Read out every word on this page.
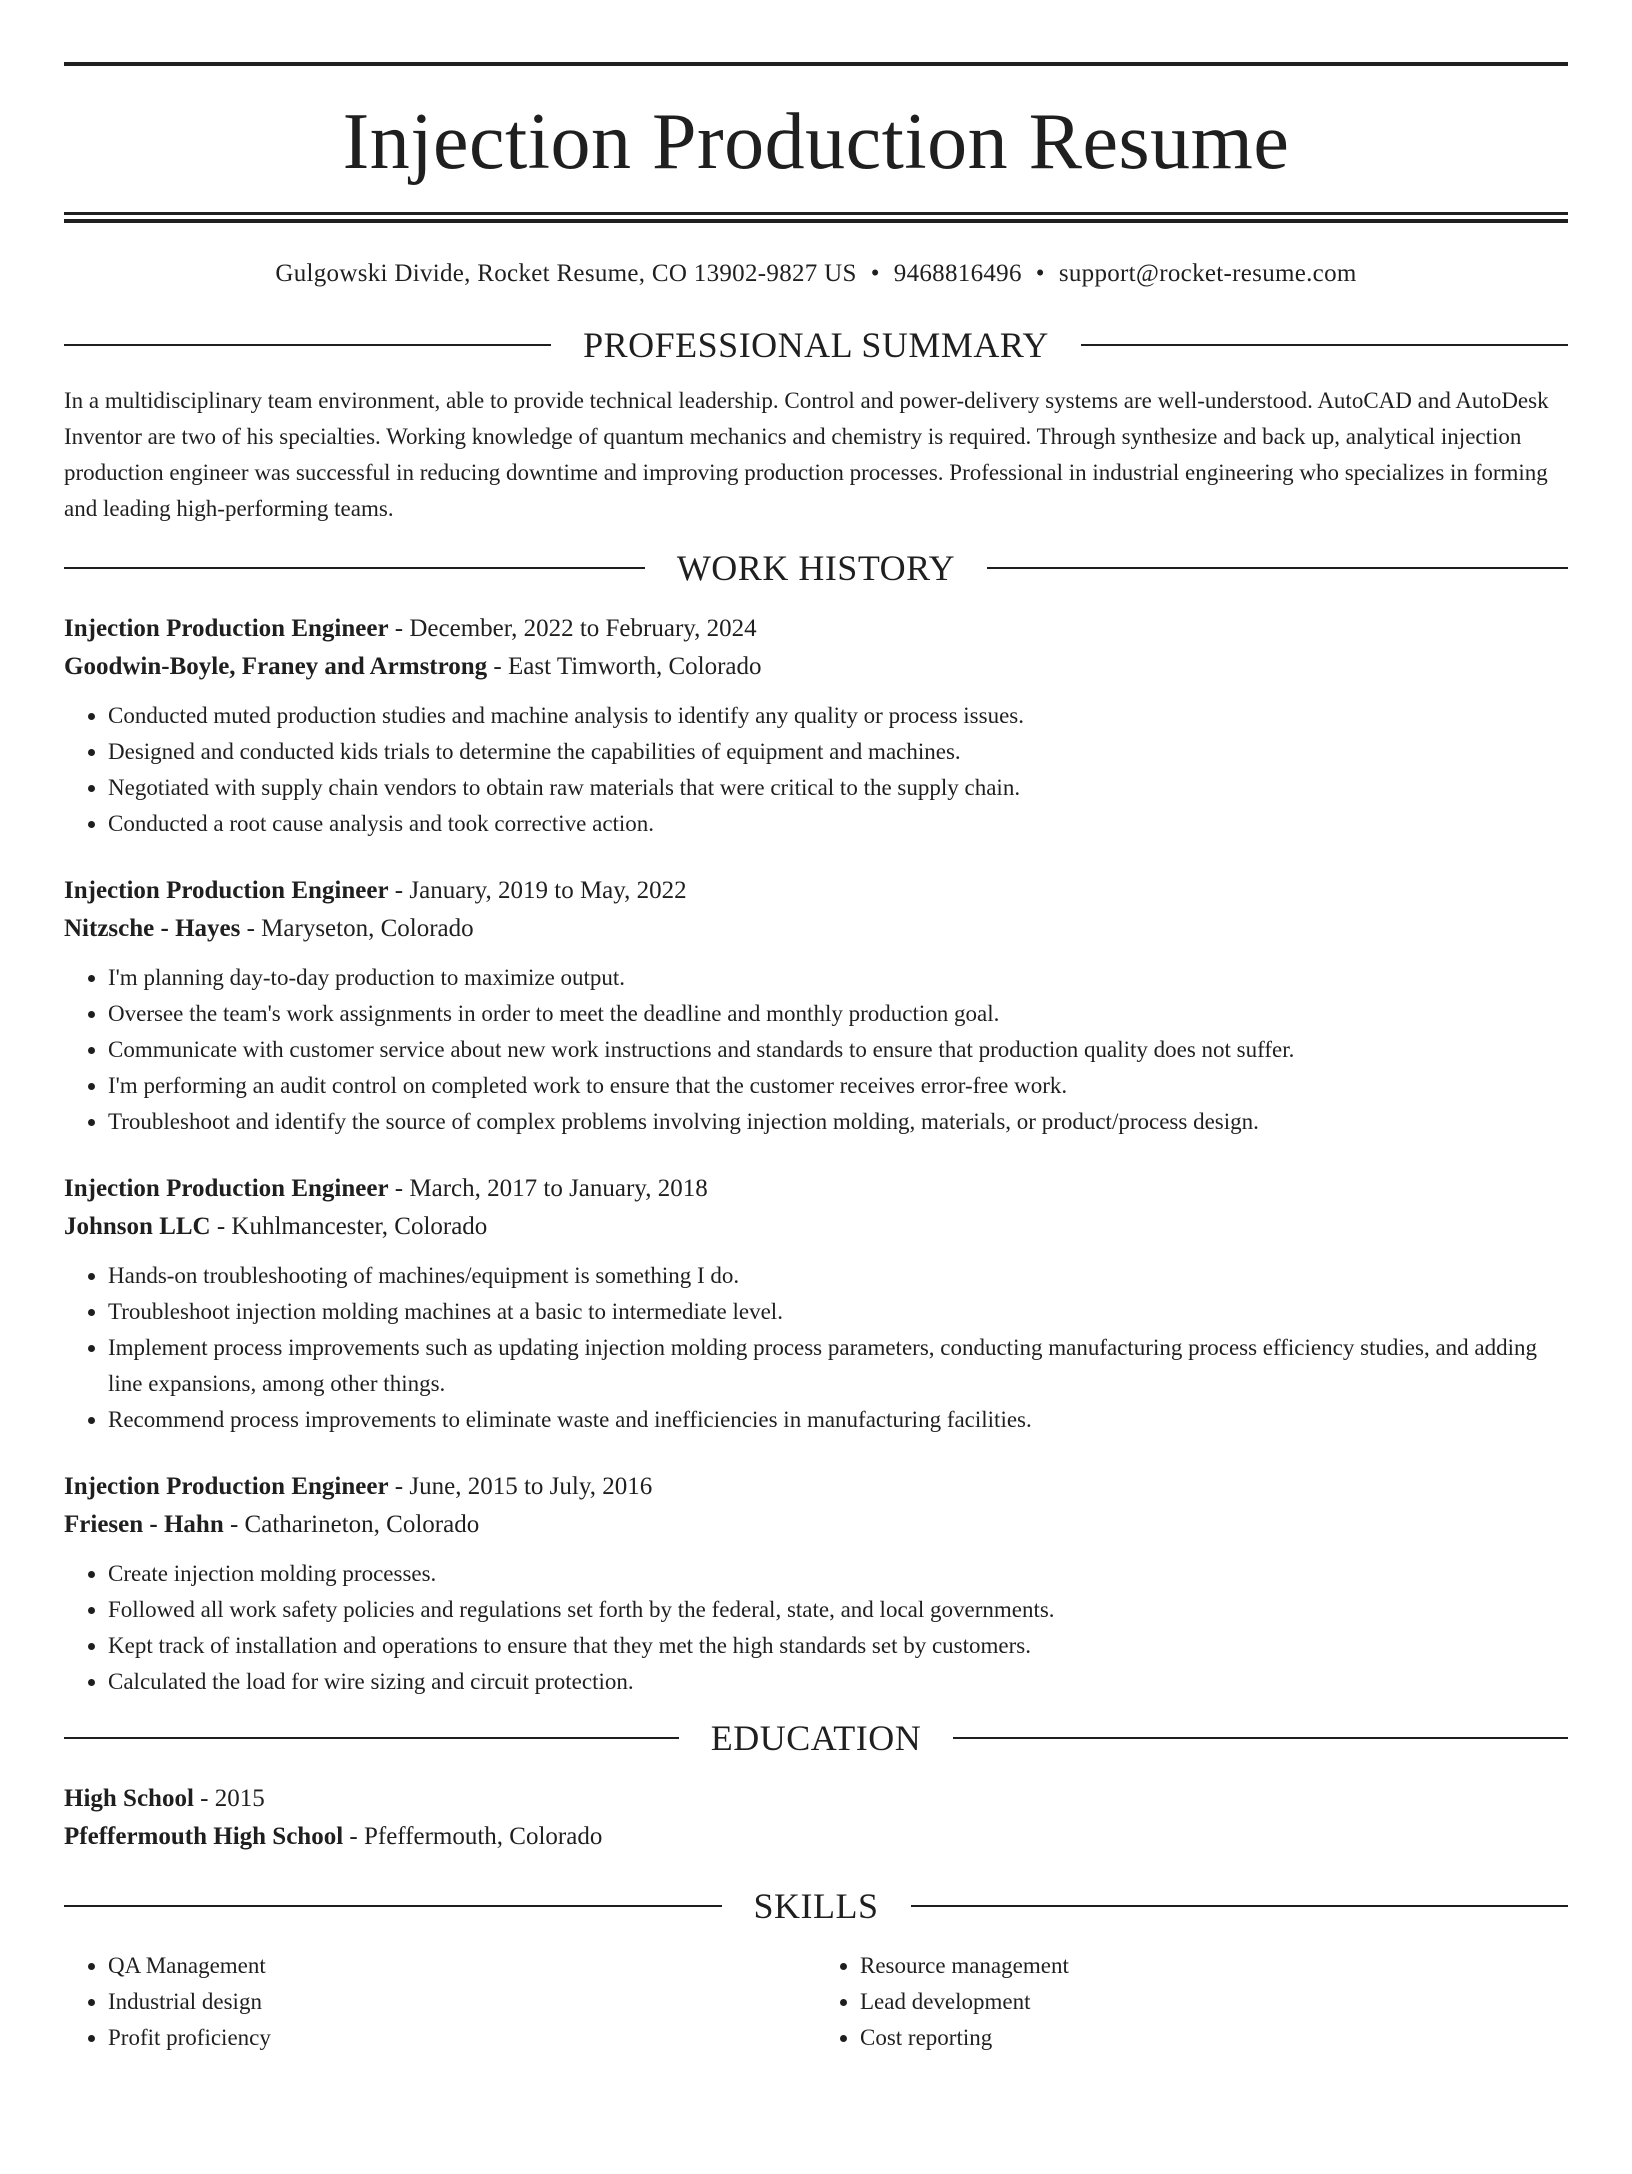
Injection Production Resume
Gulgowski Divide, Rocket Resume, CO 13902-9827 US • 9468816496 • support@rocket-resume.com
PROFESSIONAL SUMMARY

In a multidisciplinary team environment, able to provide technical leadership. Control and power-delivery systems are well-understood. AutoCAD and AutoDesk Inventor are two of his specialties. Working knowledge of quantum mechanics and chemistry is required. Through synthesize and back up, analytical injection production engineer was successful in reducing downtime and improving production processes. Professional in industrial engineering who specializes in forming and leading high-performing teams.

WORK HISTORY
Injection Production Engineer - December, 2022 to February, 2024
Goodwin-Boyle, Franey and Armstrong - East Timworth, Colorado
• Conducted muted production studies and machine analysis to identify any quality or process issues.
• Designed and conducted kids trials to determine the capabilities of equipment and machines.
• Negotiated with supply chain vendors to obtain raw materials that were critical to the supply chain.
• Conducted a root cause analysis and took corrective action.
Injection Production Engineer - January, 2019 to May, 2022
Nitzsche - Hayes - Maryseton, Colorado
• I'm planning day-to-day production to maximize output.
• Oversee the team's work assignments in order to meet the deadline and monthly production goal.
• Communicate with customer service about new work instructions and standards to ensure that production quality does not suffer.
• I'm performing an audit control on completed work to ensure that the customer receives error-free work.
• Troubleshoot and identify the source of complex problems involving injection molding, materials, or product/process design.
Injection Production Engineer - March, 2017 to January, 2018
Johnson LLC - Kuhlmancester, Colorado
• Hands-on troubleshooting of machines/equipment is something I do.
• Troubleshoot injection molding machines at a basic to intermediate level.
• Implement process improvements such as updating injection molding process parameters, conducting manufacturing process efficiency studies, and adding line expansions, among other things.
• Recommend process improvements to eliminate waste and inefficiencies in manufacturing facilities.
Injection Production Engineer - June, 2015 to July, 2016
Friesen - Hahn - Catharineton, Colorado
• Create injection molding processes.
• Followed all work safety policies and regulations set forth by the federal, state, and local governments.
• Kept track of installation and operations to ensure that they met the high standards set by customers.
• Calculated the load for wire sizing and circuit protection.
EDUCATION
High School - 2015
Pfeffermouth High School - Pfeffermouth, Colorado
SKILLS
• QA Management
• Industrial design
• Profit proficiency
• Resource management
• Lead development
• Cost reporting
